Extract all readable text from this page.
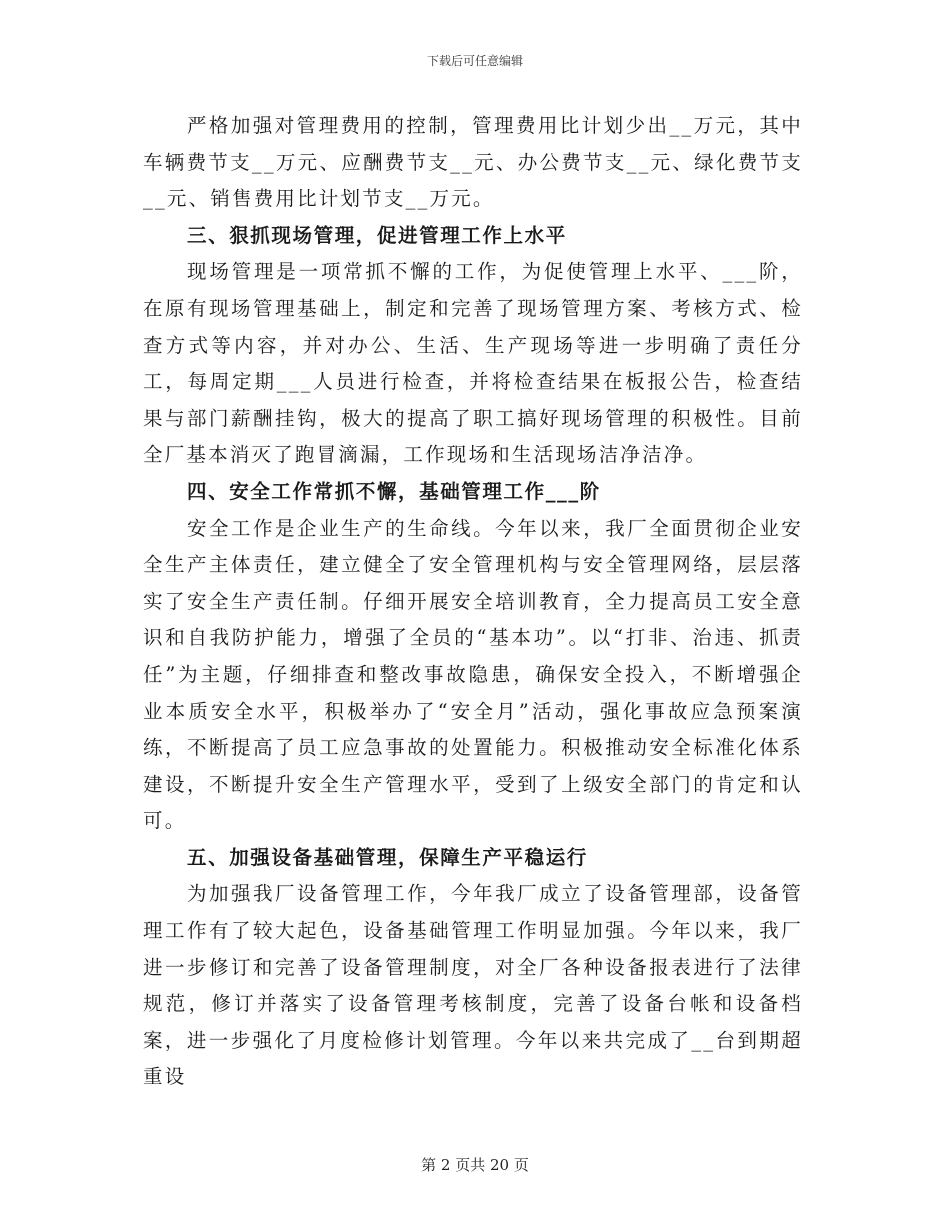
下载后可任意编辑

严格加强对管理费用的控制，管理费用比计划少出__万元，其中车辆费节支__万元、应酬费节支__元、办公费节支__元、绿化费节支__元、销售费用比计划节支__万元。

三、狠抓现场管理，促进管理工作上水平

现场管理是一项常抓不懈的工作，为促使管理上水平、___阶，在原有现场管理基础上，制定和完善了现场管理方案、考核方式、检查方式等内容，并对办公、生活、生产现场等进一步明确了责任分工，每周定期___人员进行检查，并将检查结果在板报公告，检查结果与部门薪酬挂钩，极大的提高了职工搞好现场管理的积极性。目前全厂基本消灭了跑冒滴漏，工作现场和生活现场洁净洁净。

四、安全工作常抓不懈，基础管理工作___阶

安全工作是企业生产的生命线。今年以来，我厂全面贯彻企业安全生产主体责任，建立健全了安全管理机构与安全管理网络，层层落实了安全生产责任制。仔细开展安全培训教育，全力提高员工安全意识和自我防护能力，增强了全员的“基本功”。以“打非、治违、抓责任”为主题，仔细排查和整改事故隐患，确保安全投入，不断增强企业本质安全水平，积极举办了“安全月”活动，强化事故应急预案演练，不断提高了员工应急事故的处置能力。积极推动安全标准化体系建设，不断提升安全生产管理水平，受到了上级安全部门的肯定和认可。

五、加强设备基础管理，保障生产平稳运行

为加强我厂设备管理工作，今年我厂成立了设备管理部，设备管理工作有了较大起色，设备基础管理工作明显加强。今年以来，我厂进一步修订和完善了设备管理制度，对全厂各种设备报表进行了法律规范，修订并落实了设备管理考核制度，完善了设备台帐和设备档案，进一步强化了月度检修计划管理。今年以来共完成了__台到期超重设

第 2 页共 20 页
